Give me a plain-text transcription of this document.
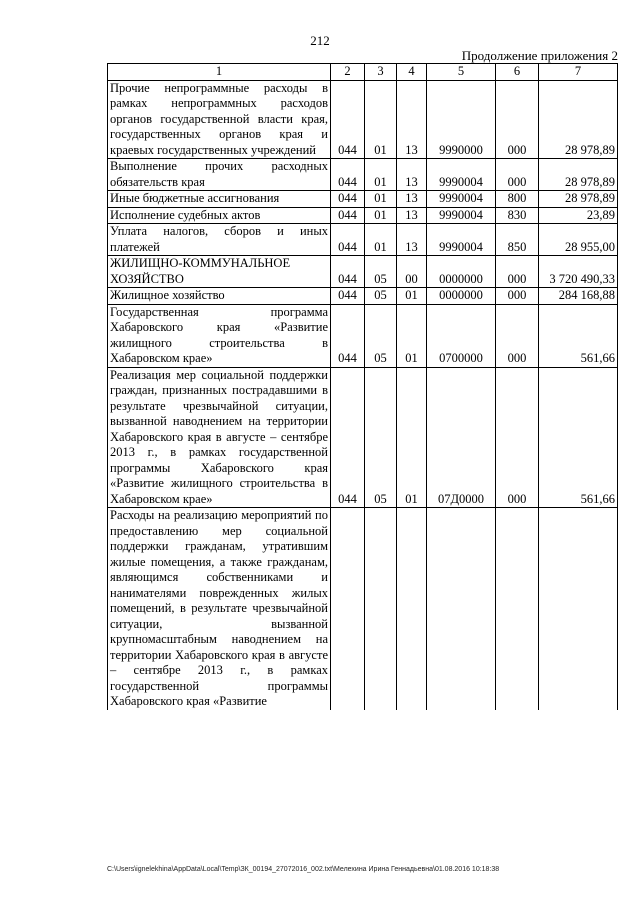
212
Продолжение приложения 2
1	2	3	4	5	6	7
Прочие непрограммные расходы в рамках непрограммных расходов органов государственной власти края, государственных органов края и краевых государственных учреждений	044	01	13	9990000	000	28 978,89
Выполнение прочих расходных обязательств края	044	01	13	9990004	000	28 978,89
Иные бюджетные ассигнования	044	01	13	9990004	800	28 978,89
Исполнение судебных актов	044	01	13	9990004	830	23,89
Уплата налогов, сборов и иных платежей	044	01	13	9990004	850	28 955,00
ЖИЛИЩНО-КОММУНАЛЬНОЕ ХОЗЯЙСТВО	044	05	00	0000000	000	3 720 490,33
Жилищное хозяйство	044	05	01	0000000	000	284 168,88
Государственная программа Хабаровского края «Развитие жилищного строительства в Хабаровском крае»	044	05	01	0700000	000	561,66
Реализация мер социальной поддержки граждан, признанных пострадавшими в результате чрезвычайной ситуации, вызванной наводнением на территории Хабаровского края в августе – сентябре 2013 г., в рамках государственной программы Хабаровского края «Развитие жилищного строительства в Хабаровском крае»	044	05	01	07Д0000	000	561,66
Расходы на реализацию мероприятий по предоставлению мер социальной поддержки гражданам, утратившим жилые помещения, а также гражданам, являющимся собственниками и нанимателями поврежденных жилых помещений, в результате чрезвычайной ситуации, вызванной крупномасштабным наводнением на территории Хабаровского края в августе – сентябре 2013 г., в рамках государственной программы Хабаровского края «Развитие						
C:\Users\ignelekhina\AppData\Local\Temp\ЗК_00194_27072016_002.txt\Мелехина Ирина Геннадьевна\01.08.2016 10:18:38
